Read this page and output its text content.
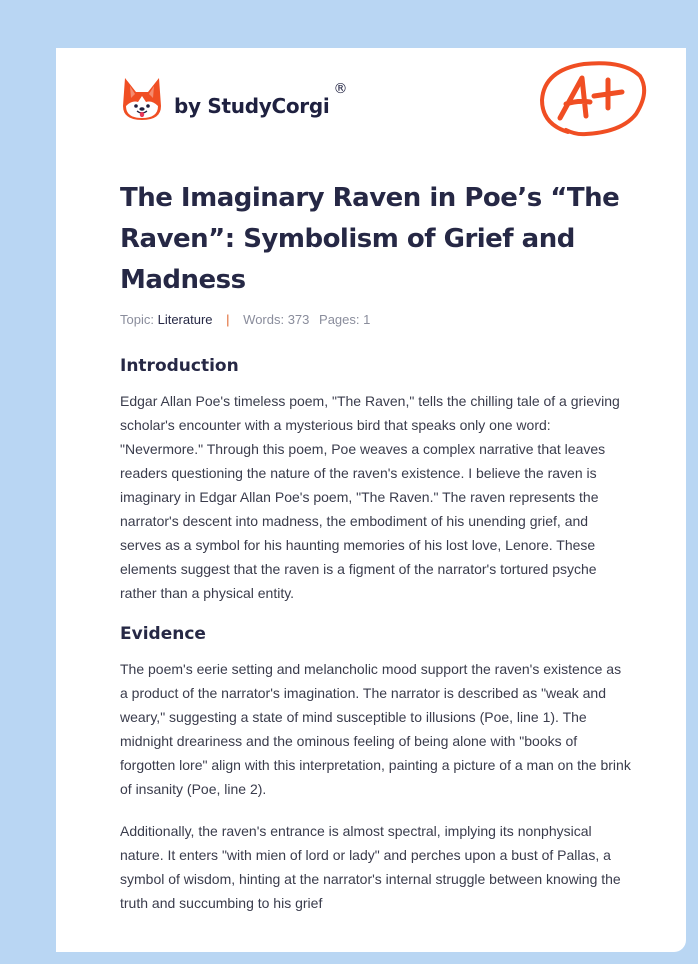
by StudyCorgi
®
The Imaginary Raven in Poe’s “The Raven”: Symbolism of Grief and Madness
Topic: Literature | Words: 373 Pages: 1
Introduction

Edgar Allan Poe's timeless poem, "The Raven," tells the chilling tale of a grieving scholar's encounter with a mysterious bird that speaks only one word: "Nevermore." Through this poem, Poe weaves a complex narrative that leaves readers questioning the nature of the raven's existence. I believe the raven is imaginary in Edgar Allan Poe's poem, "The Raven." The raven represents the narrator's descent into madness, the embodiment of his unending grief, and serves as a symbol for his haunting memories of his lost love, Lenore. These elements suggest that the raven is a figment of the narrator's tortured psyche rather than a physical entity.

Evidence

The poem's eerie setting and melancholic mood support the raven's existence as a product of the narrator's imagination. The narrator is described as "weak and weary," suggesting a state of mind susceptible to illusions (Poe, line 1). The midnight dreariness and the ominous feeling of being alone with "books of forgotten lore" align with this interpretation, painting a picture of a man on the brink of insanity (Poe, line 2).

Additionally, the raven's entrance is almost spectral, implying its nonphysical nature. It enters "with mien of lord or lady" and perches upon a bust of Pallas, a symbol of wisdom, hinting at the narrator's internal struggle between knowing the truth and succumbing to his grief
